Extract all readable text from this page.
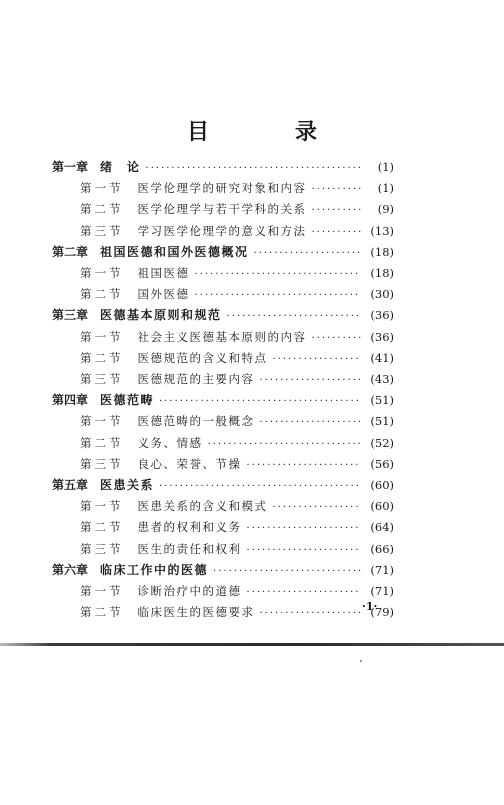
目　录
第一章 绪　论 ·····	(1)
第一节 医学伦理学的研究对象和内容 ·····	(1)
第二节 医学伦理学与若干学科的关系 ·····	(9)
第三节 学习医学伦理学的意义和方法 ·····	(13)
第二章 祖国医德和国外医德概况 ·····	(18)
第一节 祖国医德 ·····	(18)
第二节 国外医德 ·····	(30)
第三章 医德基本原则和规范 ·····	(36)
第一节 社会主义医德基本原则的内容 ·····	(36)
第二节 医德规范的含义和特点 ·····	(41)
第三节 医德规范的主要内容 ·····	(43)
第四章 医德范畴 ·····	(51)
第一节 医德范畴的一般概念 ·····	(51)
第二节 义务、情感 ·····	(52)
第三节 良心、荣誉、节操 ·····	(56)
第五章 医患关系 ·····	(60)
第一节 医患关系的含义和模式 ·····	(60)
第二节 患者的权利和义务 ·····	(64)
第三节 医生的责任和权利 ·····	(66)
第六章 临床工作中的医德 ·····	(71)
第一节 诊断治疗中的道德 ·····	(71)
第二节 临床医生的医德要求 ·····	(79)
·1·
